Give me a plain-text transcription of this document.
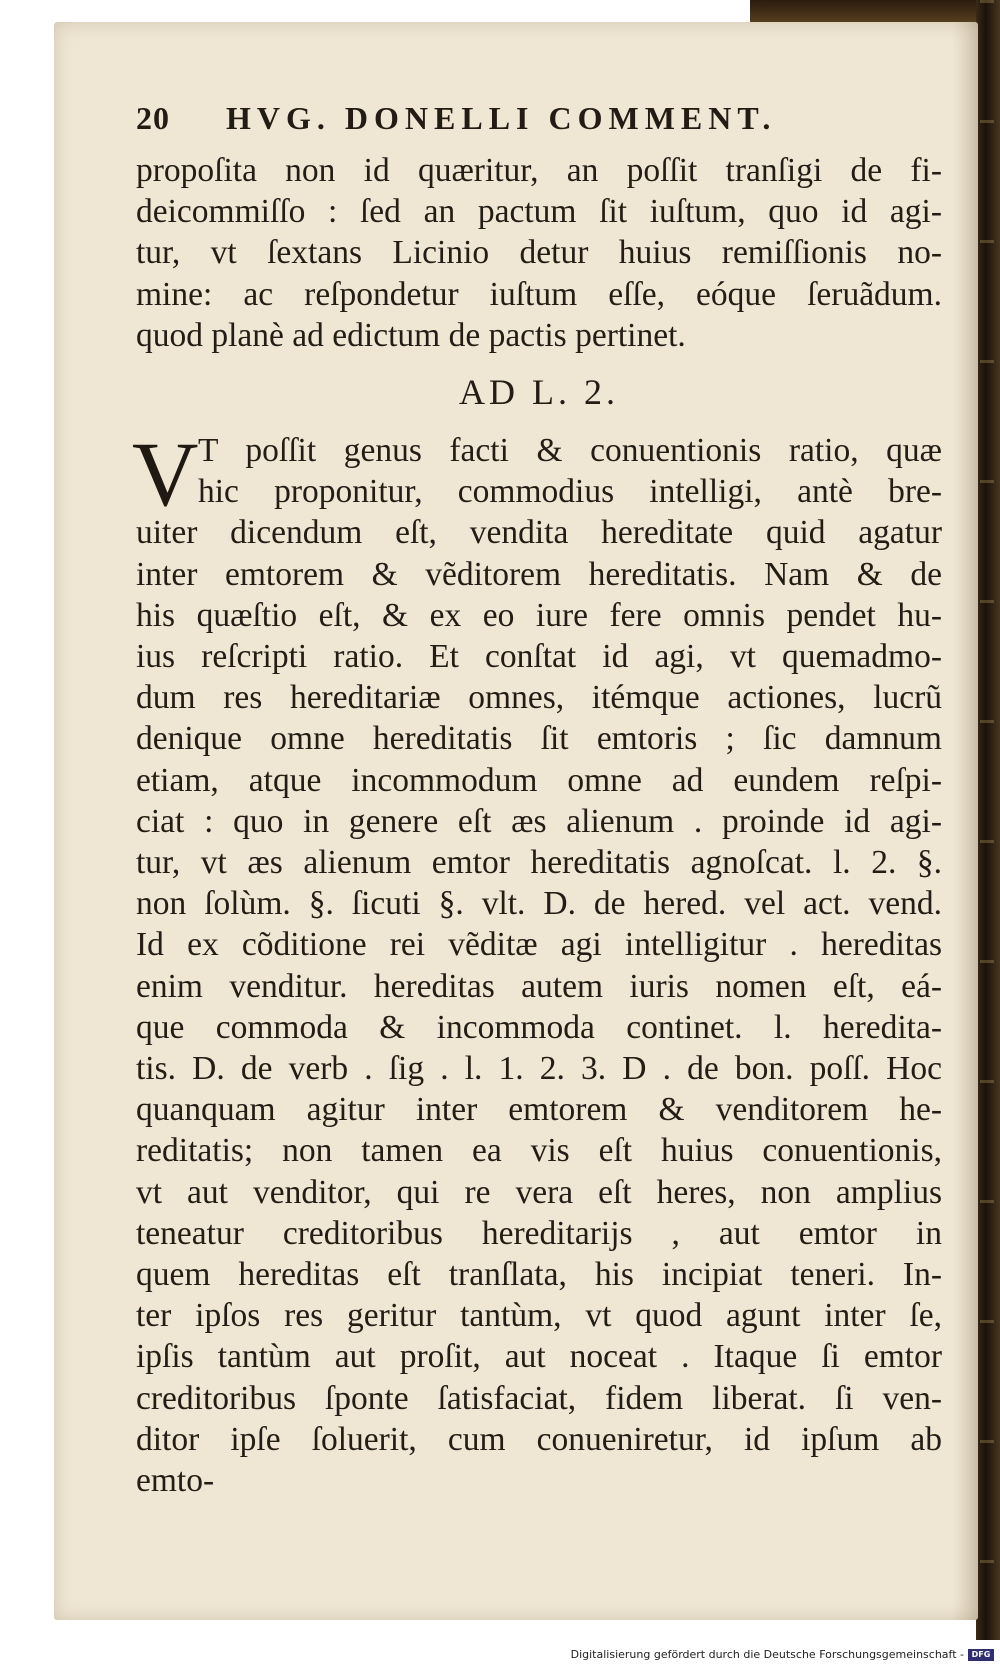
20	HVG. DONELLI COMMENT.
propoſita non id quæritur, an poſſit tranſigi de fi-
deicommiſſo : ſed an pactum ſit iuſtum, quo id agi-
tur, vt ſextans Licinio detur huius remiſſionis no-
mine: ac reſpondetur iuſtum eſſe, eóque ſeruãdum.
quod planè ad edictum de pactis pertinet.
AD L. 2.
V T poſſit genus facti & conuentionis ratio, quæ
hic proponitur, commodius intelligi, antè bre-
uiter dicendum eſt, vendita hereditate quid agatur
inter emtorem & vẽditorem hereditatis. Nam & de
his quæſtio eſt, & ex eo iure fere omnis pendet hu-
ius reſcripti ratio. Et conſtat id agi, vt quemadmo-
dum res hereditariæ omnes, itémque actiones, lucrũ
denique omne hereditatis ſit emtoris ; ſic damnum
etiam, atque incommodum omne ad eundem reſpi-
ciat : quo in genere eſt æs alienum . proinde id agi-
tur, vt æs alienum emtor hereditatis agnoſcat. l. 2. §.
non ſolùm. §. ſicuti §. vlt. D. de hered. vel act. vend.
Id ex cõditione rei vẽditæ agi intelligitur . hereditas
enim venditur. hereditas autem iuris nomen eſt, eá-
que commoda & incommoda continet. l. heredita-
tis. D. de verb . ſig . l. 1. 2. 3. D . de bon. poſſ. Hoc
quanquam agitur inter emtorem & venditorem he-
reditatis; non tamen ea vis eſt huius conuentionis,
vt aut venditor, qui re vera eſt heres, non amplius
teneatur creditoribus hereditarijs , aut emtor in
quem hereditas eſt tranſlata, his incipiat teneri. In-
ter ipſos res geritur tantùm, vt quod agunt inter ſe,
ipſis tantùm aut proſit, aut noceat . Itaque ſi emtor
creditoribus ſponte ſatisfaciat, fidem liberat. ſi ven-
ditor ipſe ſoluerit, cum conueniretur, id ipſum ab
emto-
Digitalisierung gefördert durch die Deutsche Forschungsgemeinschaft - DFG
